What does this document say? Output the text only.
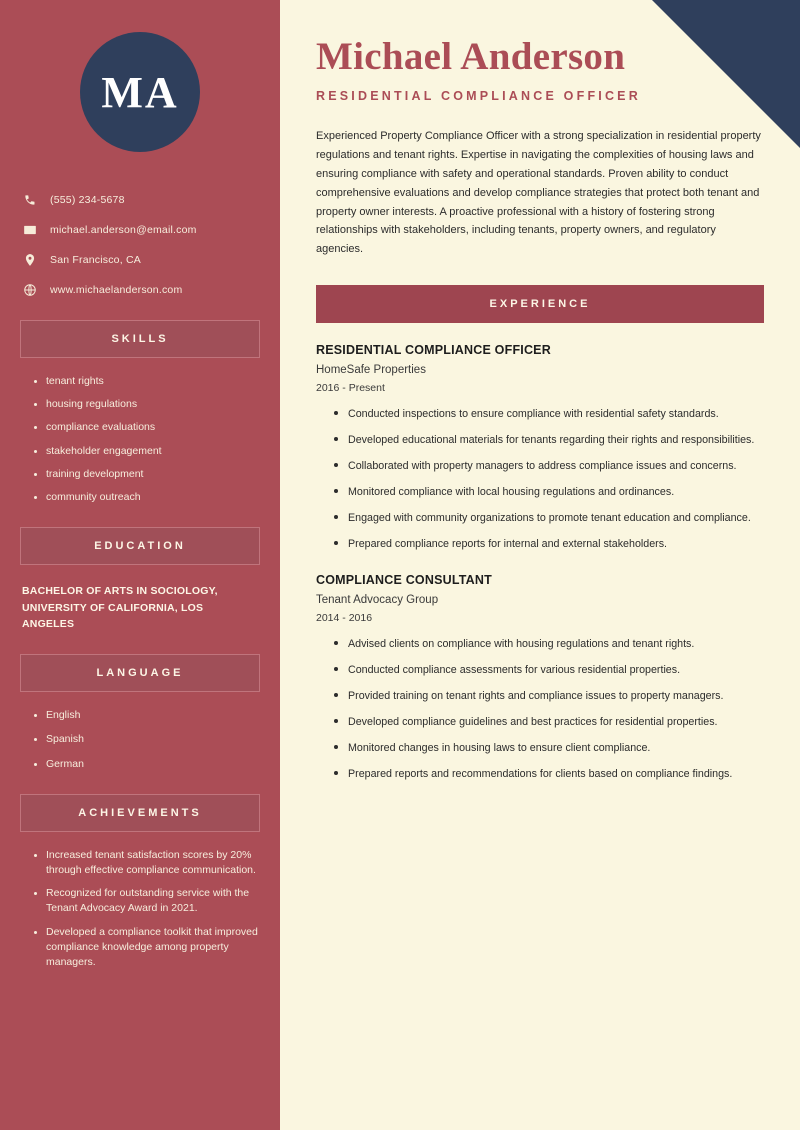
MA
(555) 234-5678
michael.anderson@email.com
San Francisco, CA
www.michaelanderson.com
SKILLS
tenant rights
housing regulations
compliance evaluations
stakeholder engagement
training development
community outreach
EDUCATION
BACHELOR OF ARTS IN SOCIOLOGY,
UNIVERSITY OF CALIFORNIA, LOS
ANGELES
LANGUAGE
English
Spanish
German
ACHIEVEMENTS
Increased tenant satisfaction scores by 20% through effective compliance communication.
Recognized for outstanding service with the Tenant Advocacy Award in 2021.
Developed a compliance toolkit that improved compliance knowledge among property managers.
Michael Anderson
RESIDENTIAL COMPLIANCE OFFICER

Experienced Property Compliance Officer with a strong specialization in residential property regulations and tenant rights. Expertise in navigating the complexities of housing laws and ensuring compliance with safety and operational standards. Proven ability to conduct comprehensive evaluations and develop compliance strategies that protect both tenant and property owner interests. A proactive professional with a history of fostering strong relationships with stakeholders, including tenants, property owners, and regulatory agencies.

EXPERIENCE
RESIDENTIAL COMPLIANCE OFFICER
HomeSafe Properties
2016 - Present
Conducted inspections to ensure compliance with residential safety standards.
Developed educational materials for tenants regarding their rights and responsibilities.
Collaborated with property managers to address compliance issues and concerns.
Monitored compliance with local housing regulations and ordinances.
Engaged with community organizations to promote tenant education and compliance.
Prepared compliance reports for internal and external stakeholders.
COMPLIANCE CONSULTANT
Tenant Advocacy Group
2014 - 2016
Advised clients on compliance with housing regulations and tenant rights.
Conducted compliance assessments for various residential properties.
Provided training on tenant rights and compliance issues to property managers.
Developed compliance guidelines and best practices for residential properties.
Monitored changes in housing laws to ensure client compliance.
Prepared reports and recommendations for clients based on compliance findings.
